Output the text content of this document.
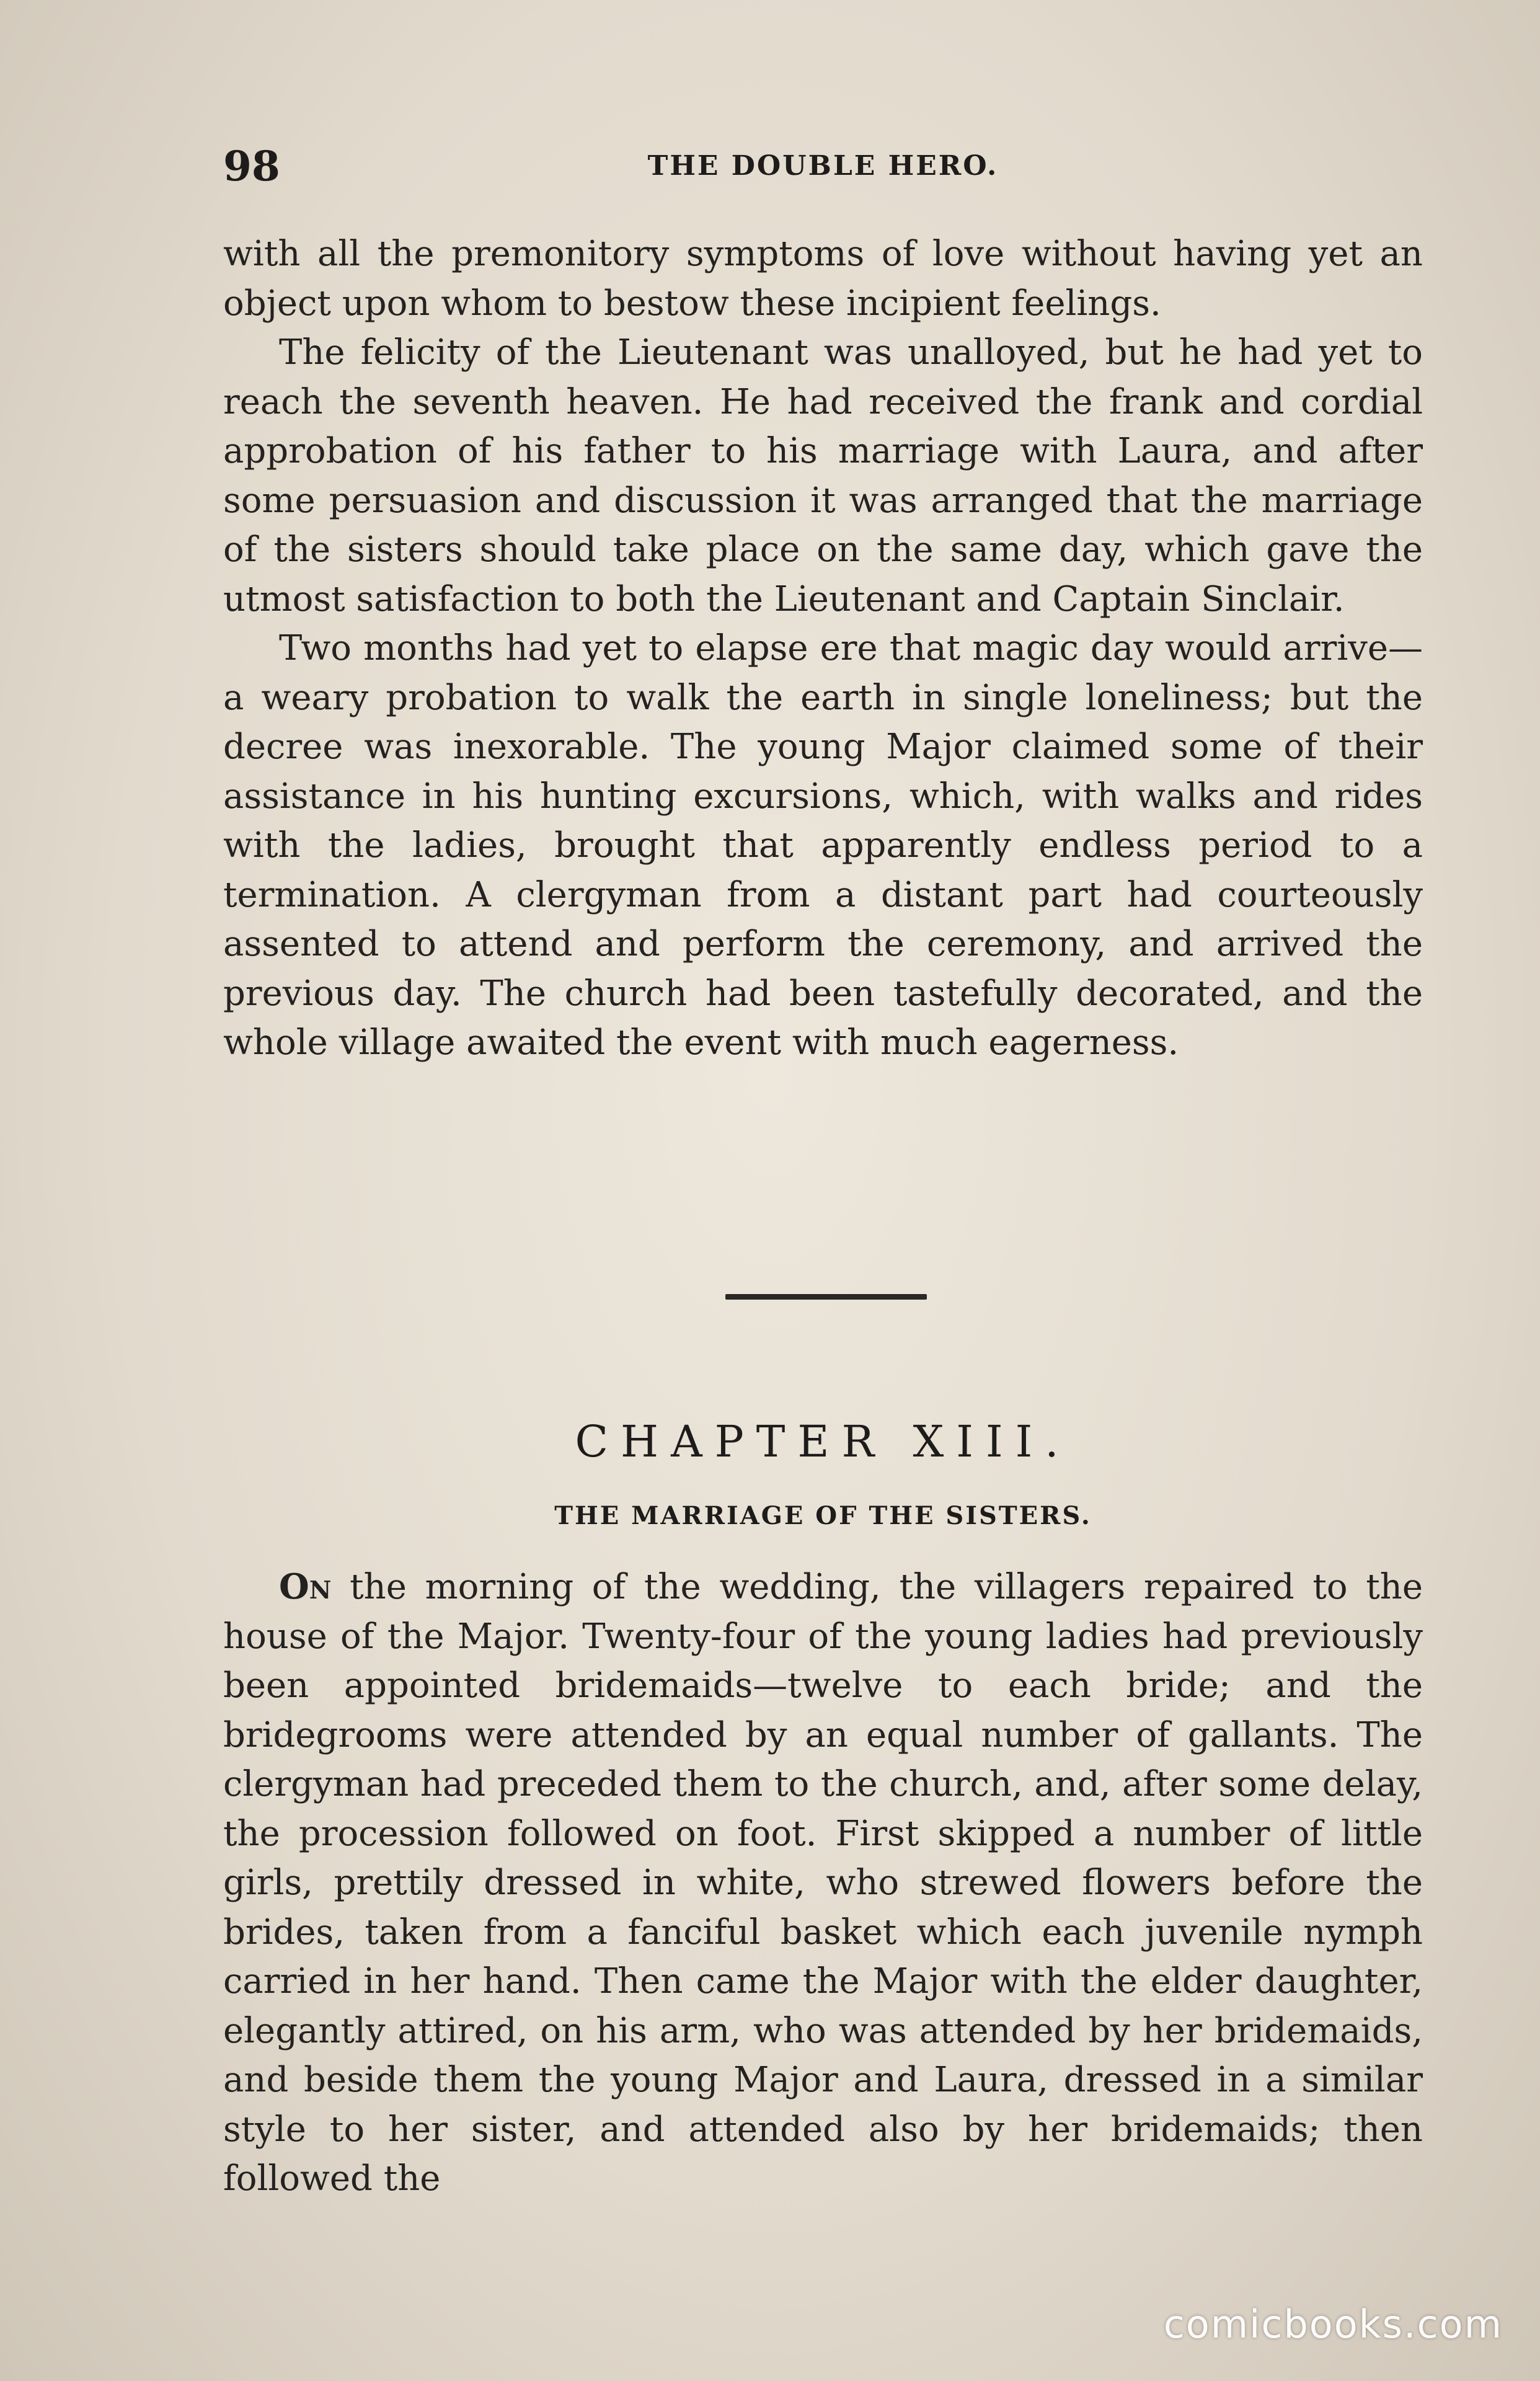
98	THE DOUBLE HERO.

with all the premonitory symptoms of love without having yet an object upon whom to bestow these incipient feelings.

The felicity of the Lieutenant was unalloyed, but he had yet to reach the seventh heaven. He had received the frank and cordial approbation of his father to his marriage with Laura, and after some persuasion and discussion it was arranged that the marriage of the sisters should take place on the same day, which gave the utmost satisfaction to both the Lieutenant and Captain Sinclair.

Two months had yet to elapse ere that magic day would arrive—a weary probation to walk the earth in single loneliness; but the decree was inexorable. The young Major claimed some of their assistance in his hunting excursions, which, with walks and rides with the ladies, brought that apparently endless period to a termination. A clergyman from a distant part had courteously assented to attend and perform the ceremony, and arrived the previous day. The church had been tastefully decorated, and the whole village awaited the event with much eagerness.

CHAPTER XIII.
THE MARRIAGE OF THE SISTERS.

On the morning of the wedding, the villagers repaired to the house of the Major. Twenty-four of the young ladies had previously been appointed bridemaids—twelve to each bride; and the bridegrooms were attended by an equal number of gallants. The clergyman had preceded them to the church, and, after some delay, the procession followed on foot. First skipped a number of little girls, prettily dressed in white, who strewed flowers before the brides, taken from a fanciful basket which each juvenile nymph carried in her hand. Then came the Major with the elder daughter, elegantly attired, on his arm, who was attended by her bridemaids, and beside them the young Major and Laura, dressed in a similar style to her sister, and attended also by her bridemaids; then followed the

comicbooks.com
